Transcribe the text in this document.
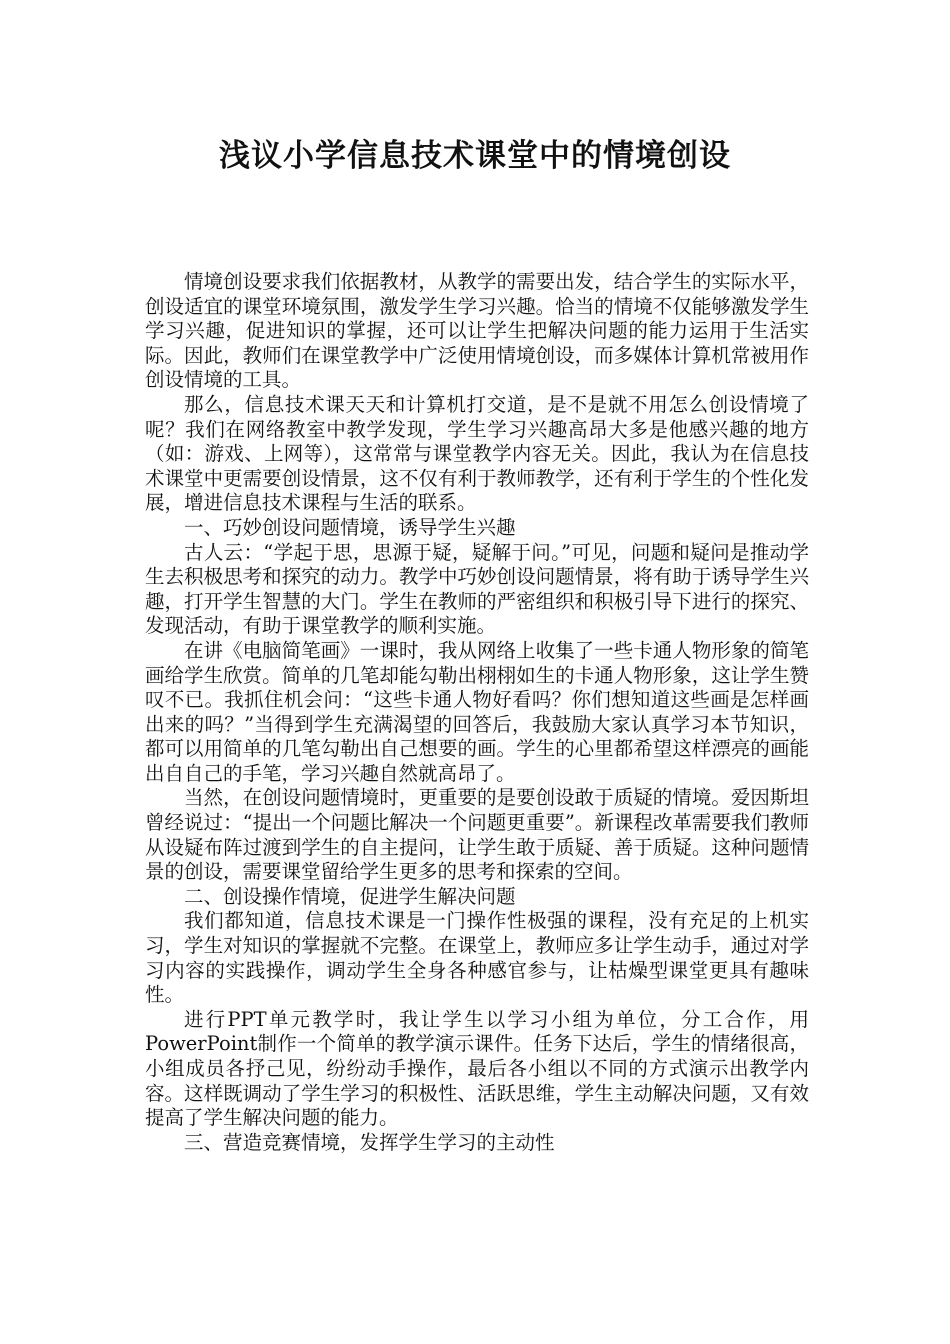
浅议小学信息技术课堂中的情境创设

情境创设要求我们依据教材，从教学的需要出发，结合学生的实际水平，创设适宜的课堂环境氛围，激发学生学习兴趣。恰当的情境不仅能够激发学生学习兴趣，促进知识的掌握，还可以让学生把解决问题的能力运用于生活实际。因此，教师们在课堂教学中广泛使用情境创设，而多媒体计算机常被用作创设情境的工具。

那么，信息技术课天天和计算机打交道，是不是就不用怎么创设情境了呢？我们在网络教室中教学发现，学生学习兴趣高昂大多是他感兴趣的地方（如：游戏、上网等），这常常与课堂教学内容无关。因此，我认为在信息技术课堂中更需要创设情景，这不仅有利于教师教学，还有利于学生的个性化发展，增进信息技术课程与生活的联系。

一、巧妙创设问题情境，诱导学生兴趣

古人云：“学起于思，思源于疑，疑解于问。”可见，问题和疑问是推动学生去积极思考和探究的动力。教学中巧妙创设问题情景，将有助于诱导学生兴趣，打开学生智慧的大门。学生在教师的严密组织和积极引导下进行的探究、发现活动，有助于课堂教学的顺利实施。

在讲《电脑简笔画》一课时，我从网络上收集了一些卡通人物形象的简笔画给学生欣赏。简单的几笔却能勾勒出栩栩如生的卡通人物形象，这让学生赞叹不已。我抓住机会问：“这些卡通人物好看吗？你们想知道这些画是怎样画出来的吗？”当得到学生充满渴望的回答后，我鼓励大家认真学习本节知识，都可以用简单的几笔勾勒出自己想要的画。学生的心里都希望这样漂亮的画能出自自己的手笔，学习兴趣自然就高昂了。

当然，在创设问题情境时，更重要的是要创设敢于质疑的情境。爱因斯坦曾经说过：“提出一个问题比解决一个问题更重要”。新课程改革需要我们教师从设疑布阵过渡到学生的自主提问，让学生敢于质疑、善于质疑。这种问题情景的创设，需要课堂留给学生更多的思考和探索的空间。

二、创设操作情境，促进学生解决问题

我们都知道，信息技术课是一门操作性极强的课程，没有充足的上机实习，学生对知识的掌握就不完整。在课堂上，教师应多让学生动手，通过对学习内容的实践操作，调动学生全身各种感官参与，让枯燥型课堂更具有趣味性。

进行PPT单元教学时，我让学生以学习小组为单位，分工合作，用PowerPoint制作一个简单的教学演示课件。任务下达后，学生的情绪很高，小组成员各抒己见，纷纷动手操作，最后各小组以不同的方式演示出教学内容。这样既调动了学生学习的积极性、活跃思维，学生主动解决问题，又有效提高了学生解决问题的能力。

三、营造竞赛情境，发挥学生学习的主动性
